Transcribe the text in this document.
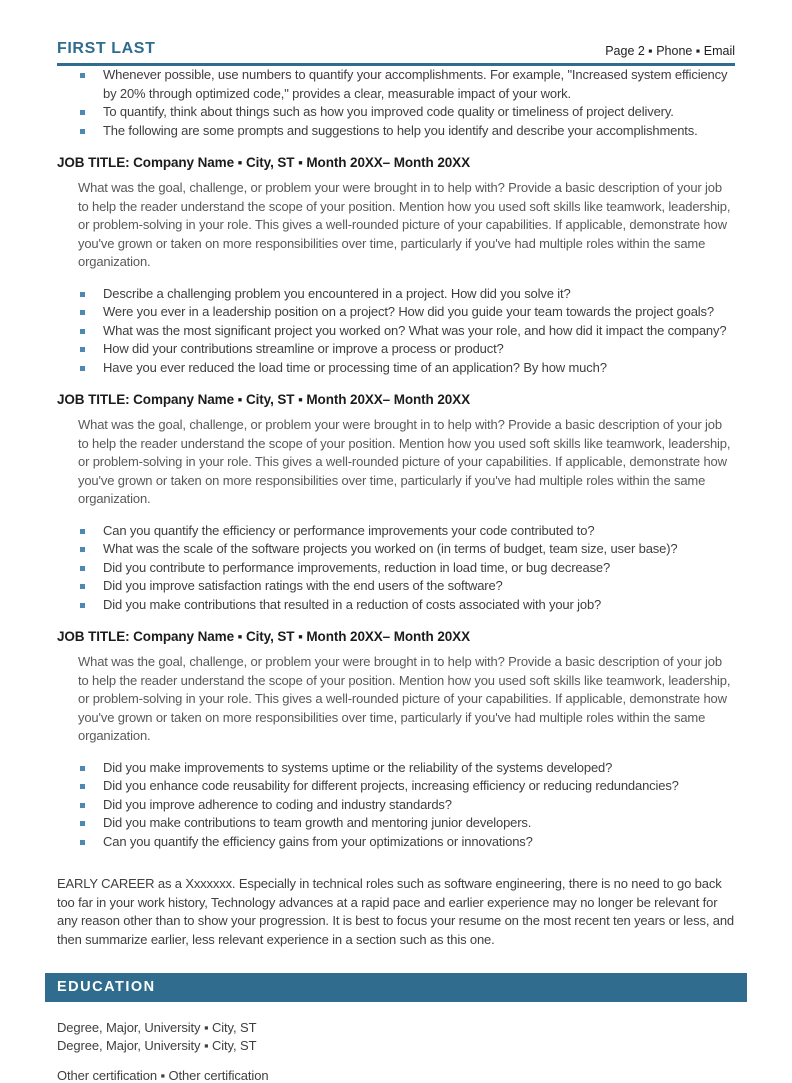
FIRST LAST	Page 2 ▪ Phone ▪ Email
Whenever possible, use numbers to quantify your accomplishments. For example, "Increased system efficiency by 20% through optimized code," provides a clear, measurable impact of your work.
To quantify, think about things such as how you improved code quality or timeliness of project delivery.
The following are some prompts and suggestions to help you identify and describe your accomplishments.
JOB TITLE: Company Name ▪ City, ST ▪ Month 20XX– Month 20XX
What was the goal, challenge, or problem your were brought in to help with? Provide a basic description of your job to help the reader understand the scope of your position. Mention how you used soft skills like teamwork, leadership, or problem-solving in your role. This gives a well-rounded picture of your capabilities. If applicable, demonstrate how you've grown or taken on more responsibilities over time, particularly if you've had multiple roles within the same organization.
Describe a challenging problem you encountered in a project. How did you solve it?
Were you ever in a leadership position on a project? How did you guide your team towards the project goals?
What was the most significant project you worked on? What was your role, and how did it impact the company?
How did your contributions streamline or improve a process or product?
Have you ever reduced the load time or processing time of an application? By how much?
JOB TITLE: Company Name ▪ City, ST ▪ Month 20XX– Month 20XX
What was the goal, challenge, or problem your were brought in to help with? Provide a basic description of your job to help the reader understand the scope of your position. Mention how you used soft skills like teamwork, leadership, or problem-solving in your role. This gives a well-rounded picture of your capabilities. If applicable, demonstrate how you've grown or taken on more responsibilities over time, particularly if you've had multiple roles within the same organization.
Can you quantify the efficiency or performance improvements your code contributed to?
What was the scale of the software projects you worked on (in terms of budget, team size, user base)?
Did you contribute to performance improvements, reduction in load time, or bug decrease?
Did you improve satisfaction ratings with the end users of the software?
Did you make contributions that resulted in a reduction of costs associated with your job?
JOB TITLE: Company Name ▪ City, ST ▪ Month 20XX– Month 20XX
What was the goal, challenge, or problem your were brought in to help with? Provide a basic description of your job to help the reader understand the scope of your position. Mention how you used soft skills like teamwork, leadership, or problem-solving in your role. This gives a well-rounded picture of your capabilities. If applicable, demonstrate how you've grown or taken on more responsibilities over time, particularly if you've had multiple roles within the same organization.
Did you make improvements to systems uptime or the reliability of the systems developed?
Did you enhance code reusability for different projects, increasing efficiency or reducing redundancies?
Did you improve adherence to coding and industry standards?
Did you make contributions to team growth and mentoring junior developers.
Can you quantify the efficiency gains from your optimizations or innovations?
EARLY CAREER as a Xxxxxxx. Especially in technical roles such as software engineering, there is no need to go back too far in your work history, Technology advances at a rapid pace and earlier experience may no longer be relevant for any reason other than to show your progression. It is best to focus your resume on the most recent ten years or less, and then summarize earlier, less relevant experience in a section such as this one.
EDUCATION
Degree, Major, University ▪ City, ST
Degree, Major, University ▪ City, ST
Other certification ▪ Other certification
